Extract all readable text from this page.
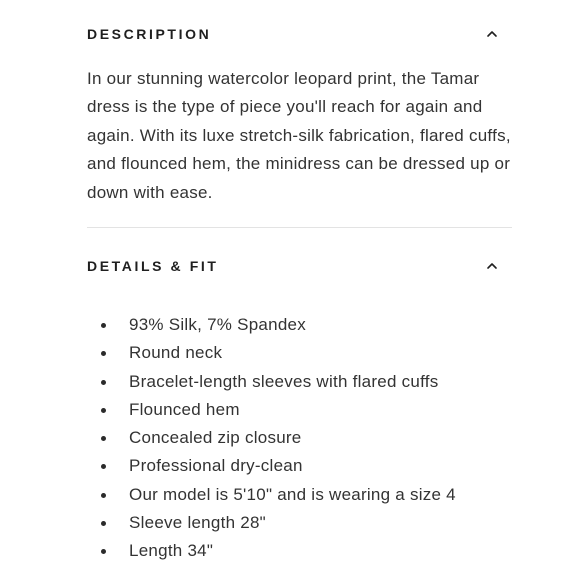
DESCRIPTION
In our stunning watercolor leopard print, the Tamar dress is the type of piece you'll reach for again and again. With its luxe stretch-silk fabrication, flared cuffs, and flounced hem, the minidress can be dressed up or down with ease.
DETAILS & FIT
93% Silk, 7% Spandex
Round neck
Bracelet-length sleeves with flared cuffs
Flounced hem
Concealed zip closure
Professional dry-clean
Our model is 5'10" and is wearing a size 4
Sleeve length 28"
Length 34"
